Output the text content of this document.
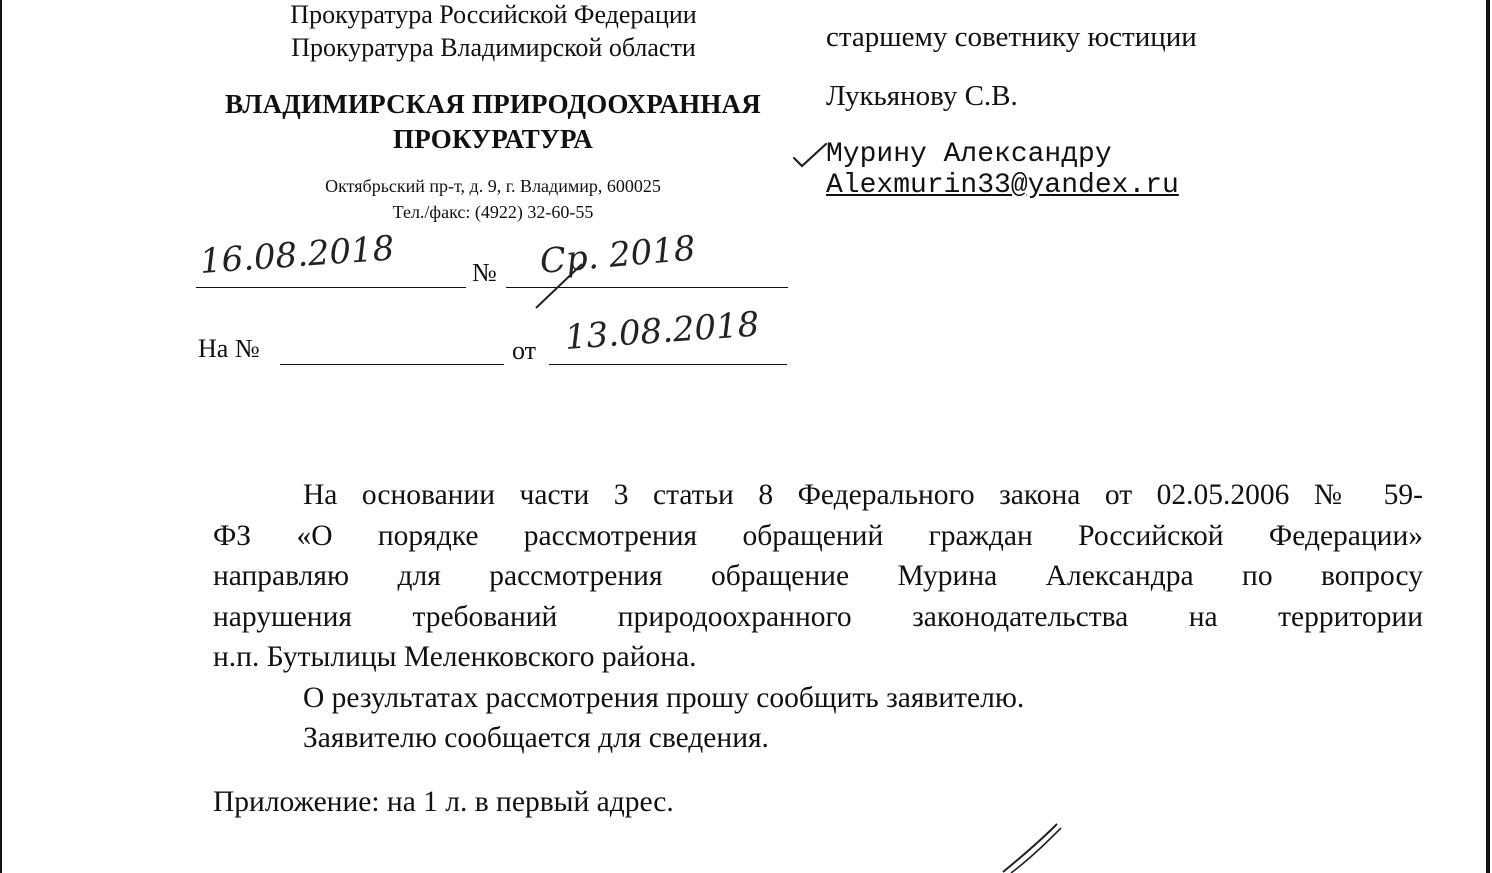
Прокуратура Российской Федерации
Прокуратура Владимирской области
ВЛАДИМИРСКАЯ ПРИРОДООХРАННАЯ
ПРОКУРАТУРА
Октябрьский пр-т, д. 9, г. Владимир, 600025
Тел./факс: (4922) 32-60-55
16.08.2018	№ Ср. 2018
На №	от 13.08.2018
старшему советнику юстиции
Лукьянову С.В.
Мурину Александру
Alexmurin33@yandex.ru

На основании части 3 статьи 8 Федерального закона от 02.05.2006 № 59-

ФЗ «О порядке рассмотрения обращений граждан Российской Федерации»

направляю для рассмотрения обращение Мурина Александра по вопросу

нарушения требований природоохранного законодательства на территории

н.п. Бутылицы Меленковского района.

О результатах рассмотрения прошу сообщить заявителю.

Заявителю сообщается для сведения.

Приложение: на 1 л. в первый адрес.
